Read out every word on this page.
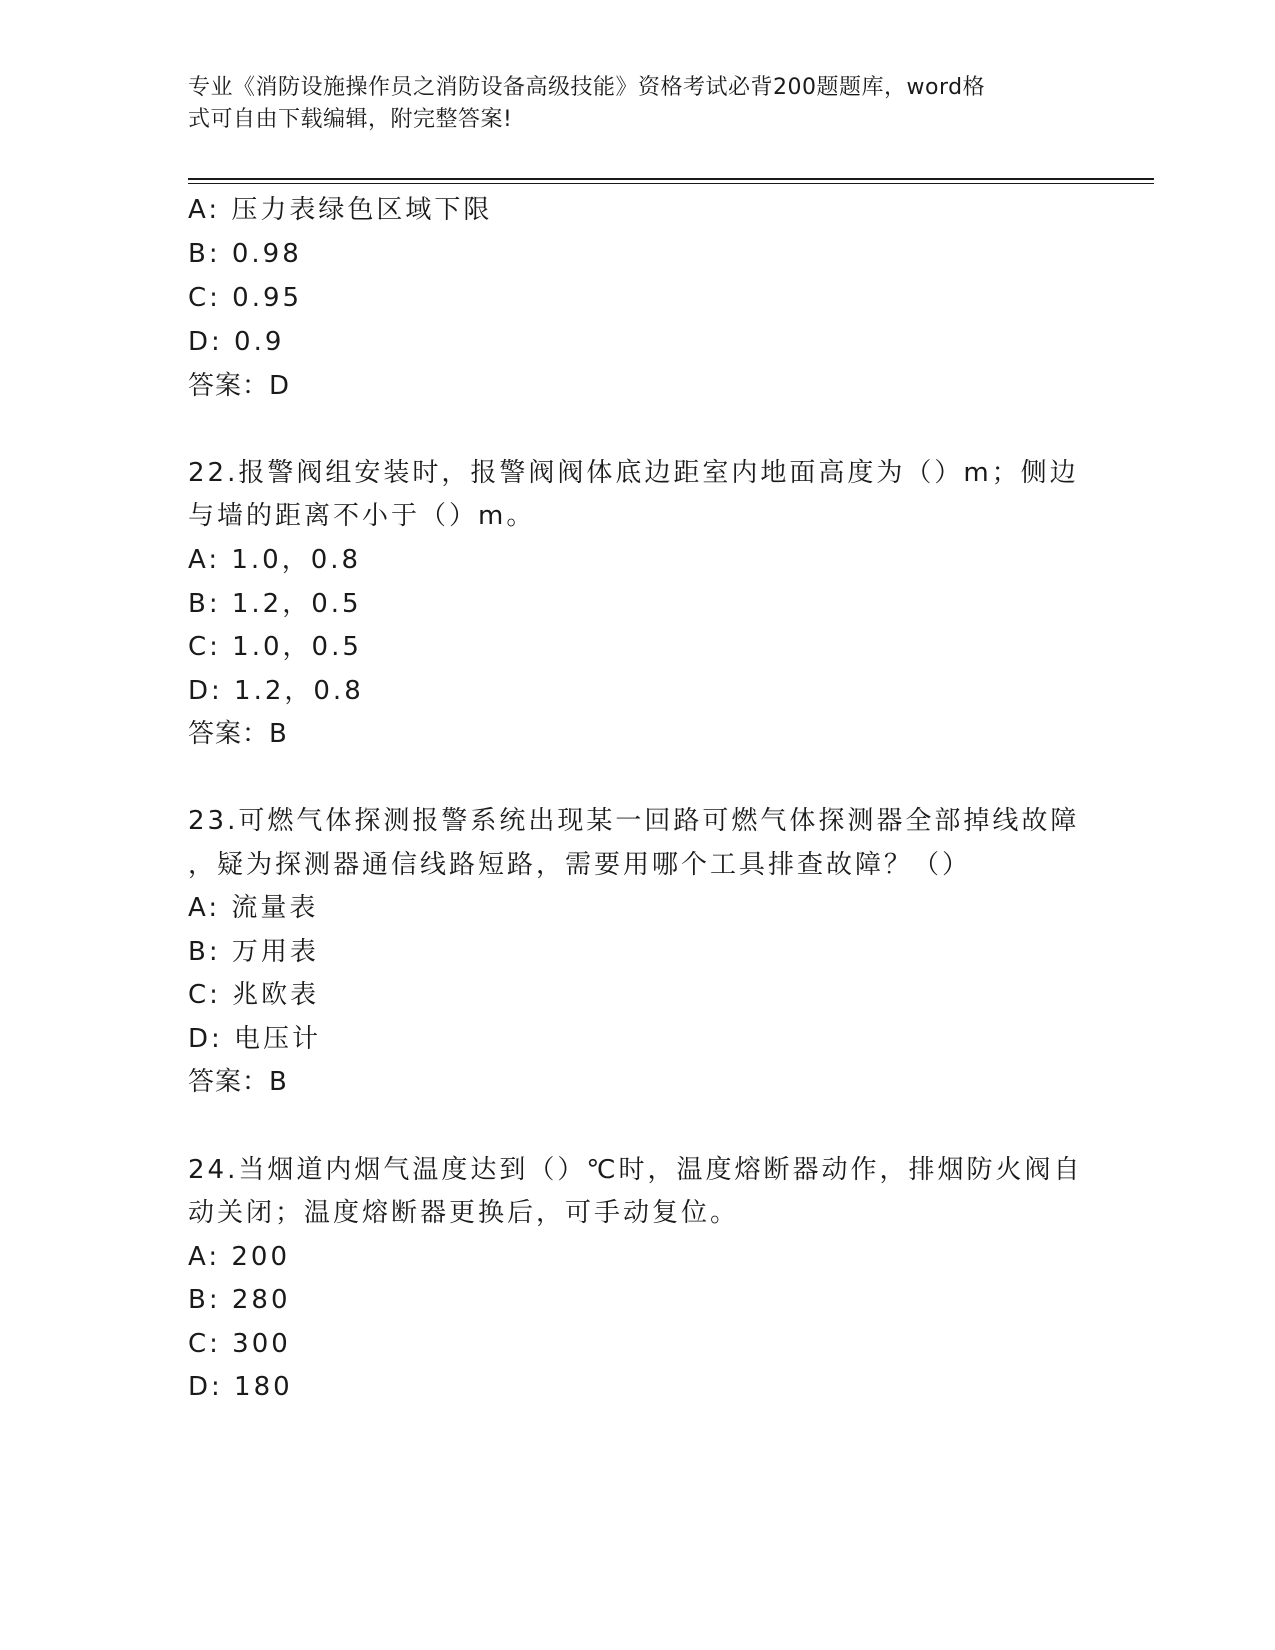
专业《消防设施操作员之消防设备高级技能》资格考试必背200题题库，word格
式可自由下载编辑，附完整答案!
A: 压力表绿色区域下限
B: 0.98
C: 0.95
D: 0.9
答案：D
22.报警阀组安装时，报警阀阀体底边距室内地面高度为（）m；侧边
与墙的距离不小于（）m。
A: 1.0，0.8
B: 1.2，0.5
C: 1.0，0.5
D: 1.2，0.8
答案：B
23.可燃气体探测报警系统出现某一回路可燃气体探测器全部掉线故障
，疑为探测器通信线路短路，需要用哪个工具排查故障？（）
A: 流量表
B: 万用表
C: 兆欧表
D: 电压计
答案：B
24.当烟道内烟气温度达到（）℃时，温度熔断器动作，排烟防火阀自
动关闭；温度熔断器更换后，可手动复位。
A: 200
B: 280
C: 300
D: 180
